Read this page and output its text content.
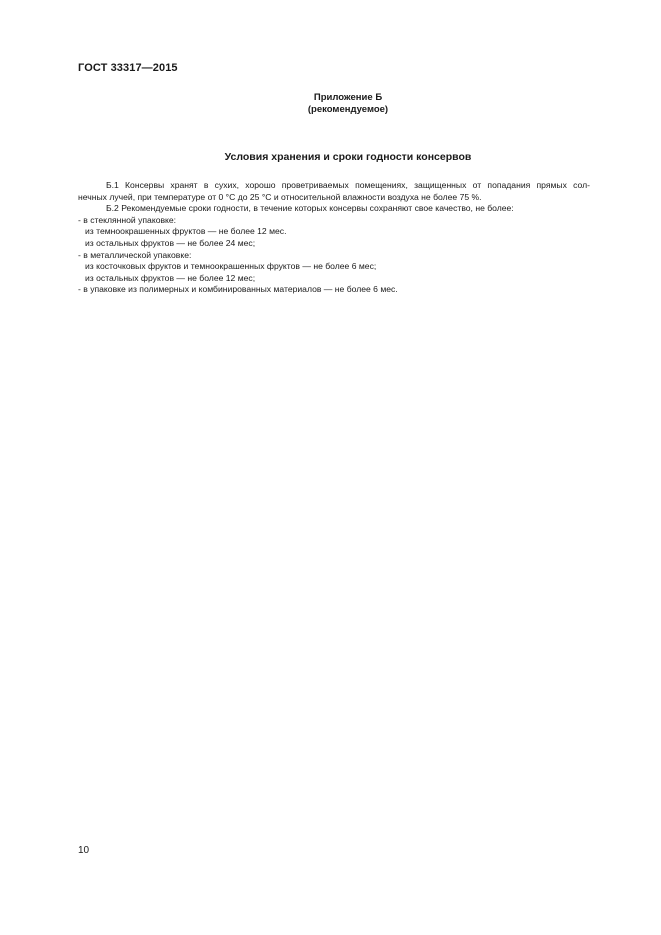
ГОСТ 33317—2015
Приложение Б
(рекомендуемое)
Условия хранения и сроки годности консервов
Б.1 Консервы хранят в сухих, хорошо проветриваемых помещениях, защищенных от попадания прямых сол-
нечных лучей, при температуре от 0 °С до 25 °С и относительной влажности воздуха не более 75 %.
Б.2 Рекомендуемые сроки годности, в течение которых консервы сохраняют свое качество, не более:
- в стеклянной упаковке:
из темноокрашенных фруктов — не более 12 мес.
из остальных фруктов — не более 24 мес;
- в металлической упаковке:
из косточковых фруктов и темноокрашенных фруктов — не более 6 мес;
из остальных фруктов — не более 12 мес;
- в упаковке из полимерных и комбинированных материалов — не более 6 мес.
10
